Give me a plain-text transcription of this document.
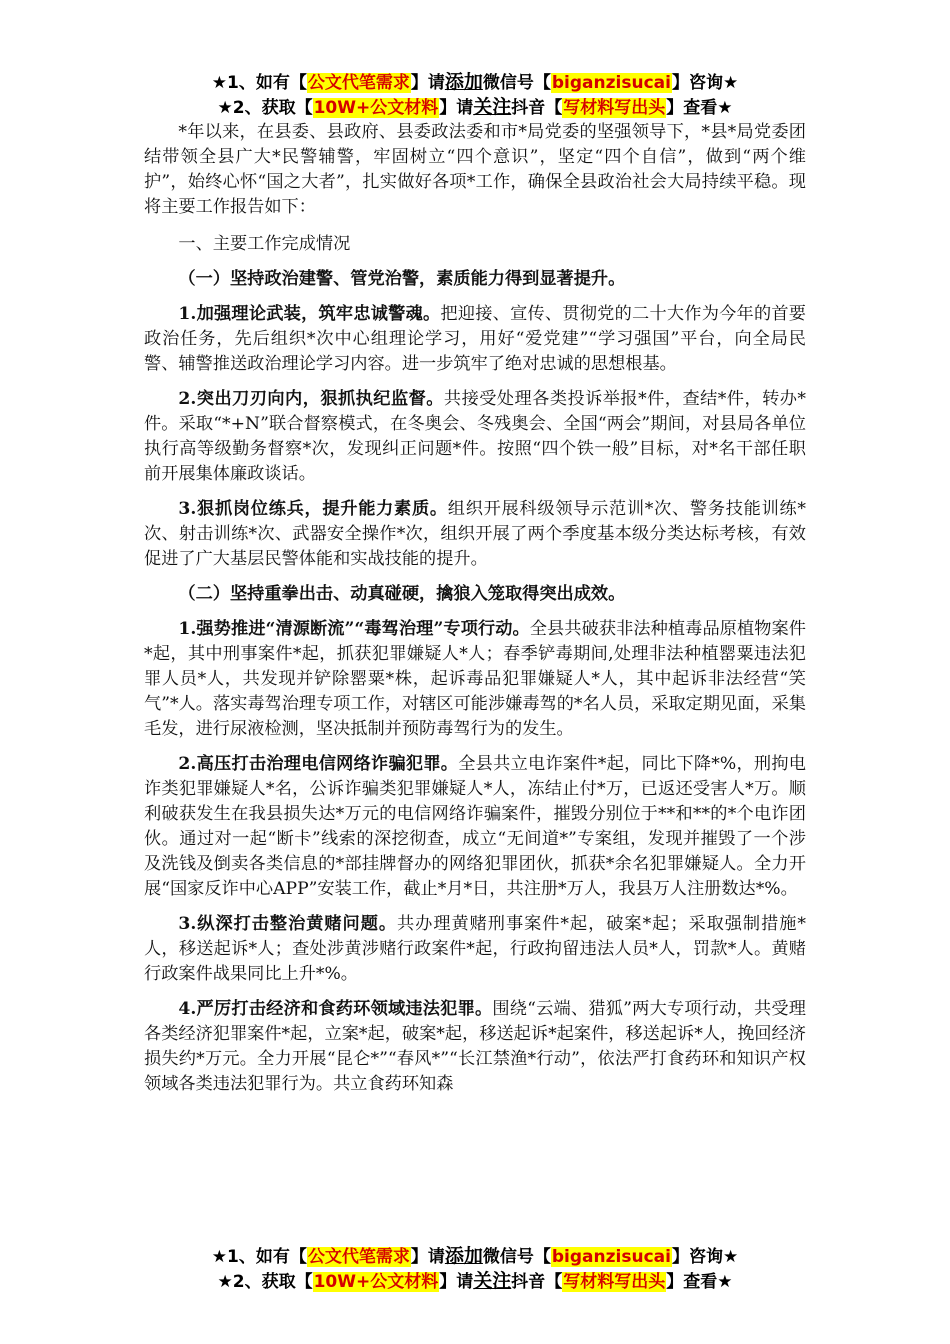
★1、如有【公文代笔需求】请添加微信号【biganzisucai】咨询★
★2、获取【10W+公文材料】请关注抖音【写材料写出头】查看★

*年以来，在县委、县政府、县委政法委和市*局党委的坚强领导下，*县*局党委团结带领全县广大*民警辅警，牢固树立“四个意识”，坚定“四个自信”，做到“两个维护”，始终心怀“国之大者”，扎实做好各项*工作，确保全县政治社会大局持续平稳。现将主要工作报告如下：

一、主要工作完成情况

（一）坚持政治建警、管党治警，素质能力得到显著提升。

1.加强理论武装，筑牢忠诚警魂。把迎接、宣传、贯彻党的二十大作为今年的首要政治任务，先后组织*次中心组理论学习，用好“爱党建”“学习强国”平台，向全局民警、辅警推送政治理论学习内容。进一步筑牢了绝对忠诚的思想根基。

2.突出刀刃向内，狠抓执纪监督。共接受处理各类投诉举报*件，查结*件，转办*件。采取“*+N”联合督察模式，在冬奥会、冬残奥会、全国“两会”期间，对县局各单位执行高等级勤务督察*次，发现纠正问题*件。按照“四个铁一般”目标，对*名干部任职前开展集体廉政谈话。

3.狠抓岗位练兵，提升能力素质。组织开展科级领导示范训*次、警务技能训练*次、射击训练*次、武器安全操作*次，组织开展了两个季度基本级分类达标考核，有效促进了广大基层民警体能和实战技能的提升。

（二）坚持重拳出击、动真碰硬，擒狼入笼取得突出成效。

1.强势推进“清源断流”“毒驾治理”专项行动。全县共破获非法种植毒品原植物案件*起，其中刑事案件*起，抓获犯罪嫌疑人*人；春季铲毒期间,处理非法种植罂粟违法犯罪人员*人，共发现并铲除罂粟*株，起诉毒品犯罪嫌疑人*人，其中起诉非法经营“笑气”*人。落实毒驾治理专项工作，对辖区可能涉嫌毒驾的*名人员，采取定期见面，采集毛发，进行尿液检测，坚决抵制并预防毒驾行为的发生。

2.高压打击治理电信网络诈骗犯罪。全县共立电诈案件*起，同比下降*%，刑拘电诈类犯罪嫌疑人*名，公诉诈骗类犯罪嫌疑人*人，冻结止付*万，已返还受害人*万。顺利破获发生在我县损失达*万元的电信网络诈骗案件，摧毁分别位于**和**的*个电诈团伙。通过对一起“断卡”线索的深挖彻查，成立“无间道*”专案组，发现并摧毁了一个涉及洗钱及倒卖各类信息的*部挂牌督办的网络犯罪团伙，抓获*余名犯罪嫌疑人。全力开展“国家反诈中心APP”安装工作，截止*月*日，共注册*万人，我县万人注册数达*%。

3.纵深打击整治黄赌问题。共办理黄赌刑事案件*起，破案*起；采取强制措施*人，移送起诉*人；查处涉黄涉赌行政案件*起，行政拘留违法人员*人，罚款*人。黄赌行政案件战果同比上升*%。

4.严厉打击经济和食药环领域违法犯罪。围绕“云端、猎狐”两大专项行动，共受理各类经济犯罪案件*起，立案*起，破案*起，移送起诉*起案件，移送起诉*人，挽回经济损失约*万元。全力开展“昆仑*”“春风*”“长江禁渔*行动”，依法严打食药环和知识产权领域各类违法犯罪行为。共立食药环知森

★1、如有【公文代笔需求】请添加微信号【biganzisucai】咨询★
★2、获取【10W+公文材料】请关注抖音【写材料写出头】查看★
